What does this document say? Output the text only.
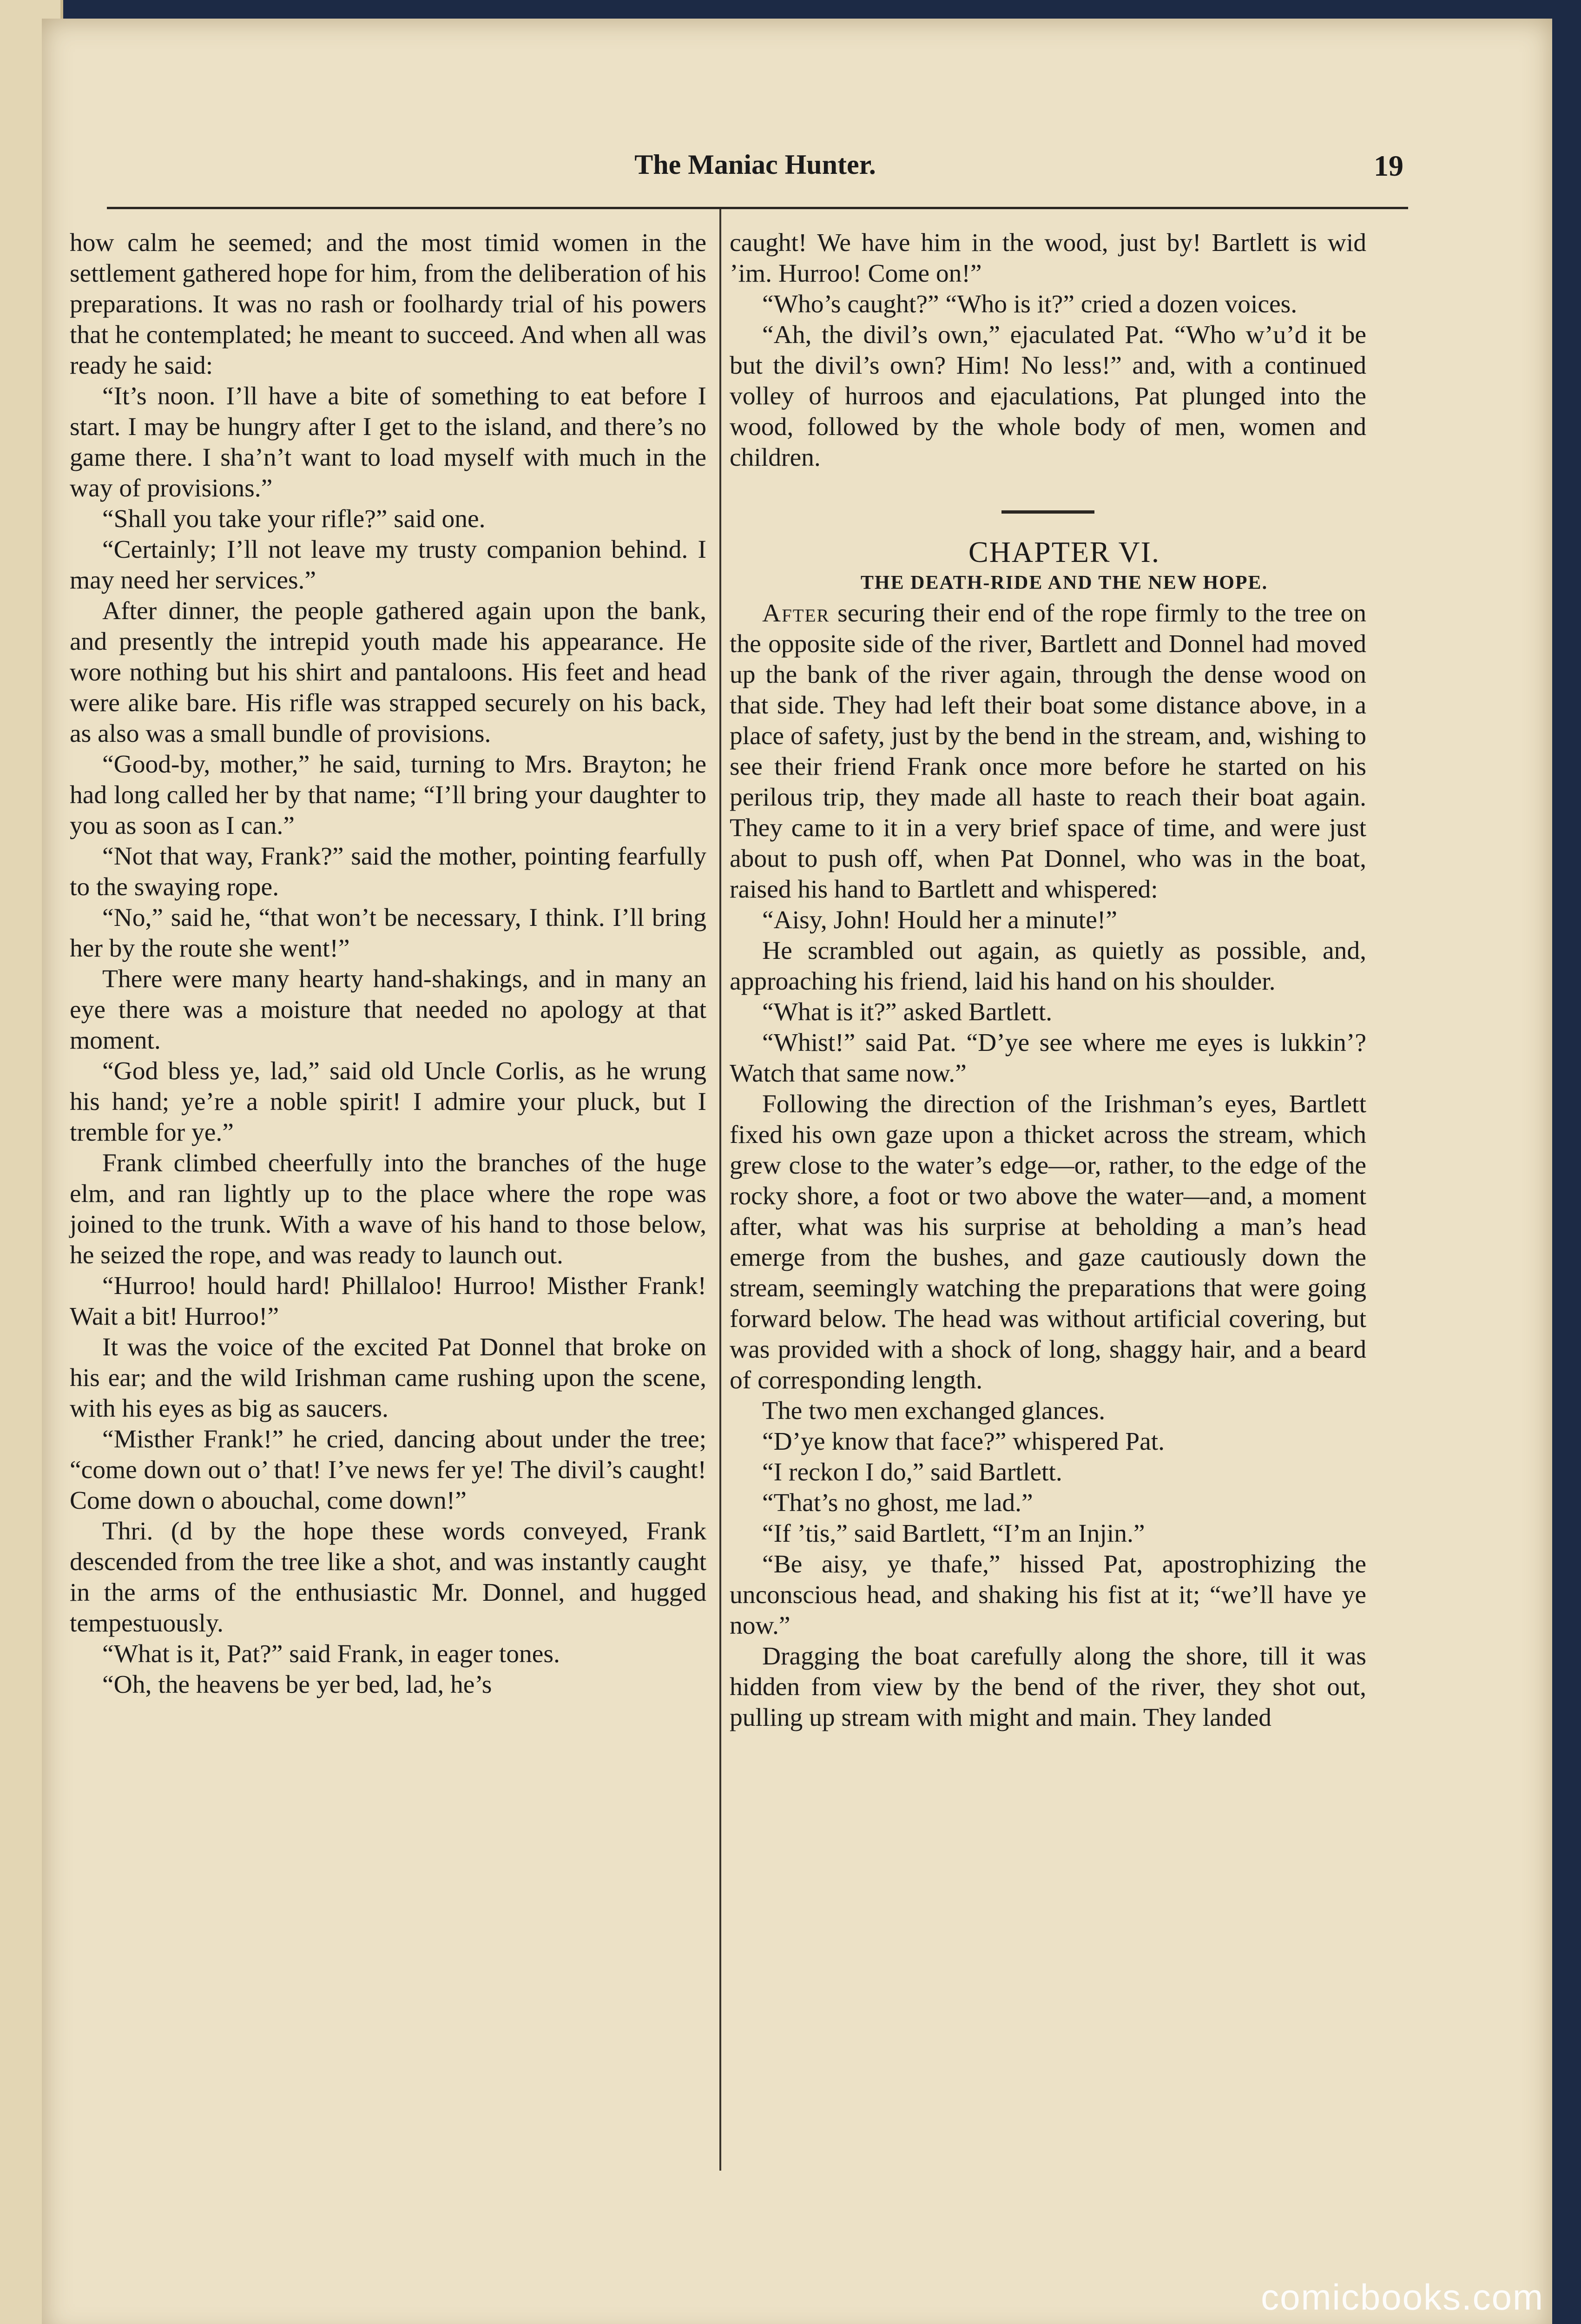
The Maniac Hunter.	19

how calm he seemed; and the most timid women in the settlement gathered hope for him, from the deliberation of his preparations. It was no rash or foolhardy trial of his powers that he contemplated; he meant to succeed. And when all was ready he said:

“It’s noon. I’ll have a bite of something to eat before I start. I may be hungry after I get to the island, and there’s no game there. I sha’n’t want to load myself with much in the way of provisions.”

“Shall you take your rifle?” said one.

“Certainly; I’ll not leave my trusty companion behind. I may need her services.”

After dinner, the people gathered again upon the bank, and presently the intrepid youth made his appearance. He wore nothing but his shirt and pantaloons. His feet and head were alike bare. His rifle was strapped securely on his back, as also was a small bundle of provisions.

“Good-by, mother,” he said, turning to Mrs. Brayton; he had long called her by that name; “I’ll bring your daughter to you as soon as I can.”

“Not that way, Frank?” said the mother, pointing fearfully to the swaying rope.

“No,” said he, “that won’t be necessary, I think. I’ll bring her by the route she went!”

There were many hearty hand-shakings, and in many an eye there was a moisture that needed no apology at that moment.

“God bless ye, lad,” said old Uncle Corlis, as he wrung his hand; ye’re a noble spirit! I admire your pluck, but I tremble for ye.”

Frank climbed cheerfully into the branches of the huge elm, and ran lightly up to the place where the rope was joined to the trunk. With a wave of his hand to those below, he seized the rope, and was ready to launch out.

“Hurroo! hould hard! Phillaloo! Hurroo! Misther Frank! Wait a bit! Hurroo!”

It was the voice of the excited Pat Donnel that broke on his ear; and the wild Irishman came rushing upon the scene, with his eyes as big as saucers.

“Misther Frank!” he cried, dancing about under the tree; “come down out o’ that! I’ve news fer ye! The divil’s caught! Come down o abouchal, come down!”

Thri. (d by the hope these words conveyed, Frank descended from the tree like a shot, and was instantly caught in the arms of the enthusiastic Mr. Donnel, and hugged tempestuously.

“What is it, Pat?” said Frank, in eager tones.

“Oh, the heavens be yer bed, lad, he’s

caught! We have him in the wood, just by! Bartlett is wid ’im. Hurroo! Come on!”

“Who’s caught?” “Who is it?” cried a dozen voices.

“Ah, the divil’s own,” ejaculated Pat. “Who w’u’d it be but the divil’s own? Him! No less!” and, with a continued volley of hurroos and ejaculations, Pat plunged into the wood, followed by the whole body of men, women and children.

CHAPTER VI.

THE DEATH-RIDE AND THE NEW HOPE.

After securing their end of the rope firmly to the tree on the opposite side of the river, Bartlett and Donnel had moved up the bank of the river again, through the dense wood on that side. They had left their boat some distance above, in a place of safety, just by the bend in the stream, and, wishing to see their friend Frank once more before he started on his perilous trip, they made all haste to reach their boat again. They came to it in a very brief space of time, and were just about to push off, when Pat Donnel, who was in the boat, raised his hand to Bartlett and whispered:

“Aisy, John! Hould her a minute!”

He scrambled out again, as quietly as possible, and, approaching his friend, laid his hand on his shoulder.

“What is it?” asked Bartlett.

“Whist!” said Pat. “D’ye see where me eyes is lukkin’? Watch that same now.”

Following the direction of the Irishman’s eyes, Bartlett fixed his own gaze upon a thicket across the stream, which grew close to the water’s edge—or, rather, to the edge of the rocky shore, a foot or two above the water—and, a moment after, what was his surprise at beholding a man’s head emerge from the bushes, and gaze cautiously down the stream, seemingly watching the preparations that were going forward below. The head was without artificial covering, but was provided with a shock of long, shaggy hair, and a beard of corresponding length.

The two men exchanged glances.

“D’ye know that face?” whispered Pat.

“I reckon I do,” said Bartlett.

“That’s no ghost, me lad.”

“If ’tis,” said Bartlett, “I’m an Injin.”

“Be aisy, ye thafe,” hissed Pat, apostrophizing the unconscious head, and shaking his fist at it; “we’ll have ye now.”

Dragging the boat carefully along the shore, till it was hidden from view by the bend of the river, they shot out, pulling up stream with might and main. They landed

comicbooks.com
